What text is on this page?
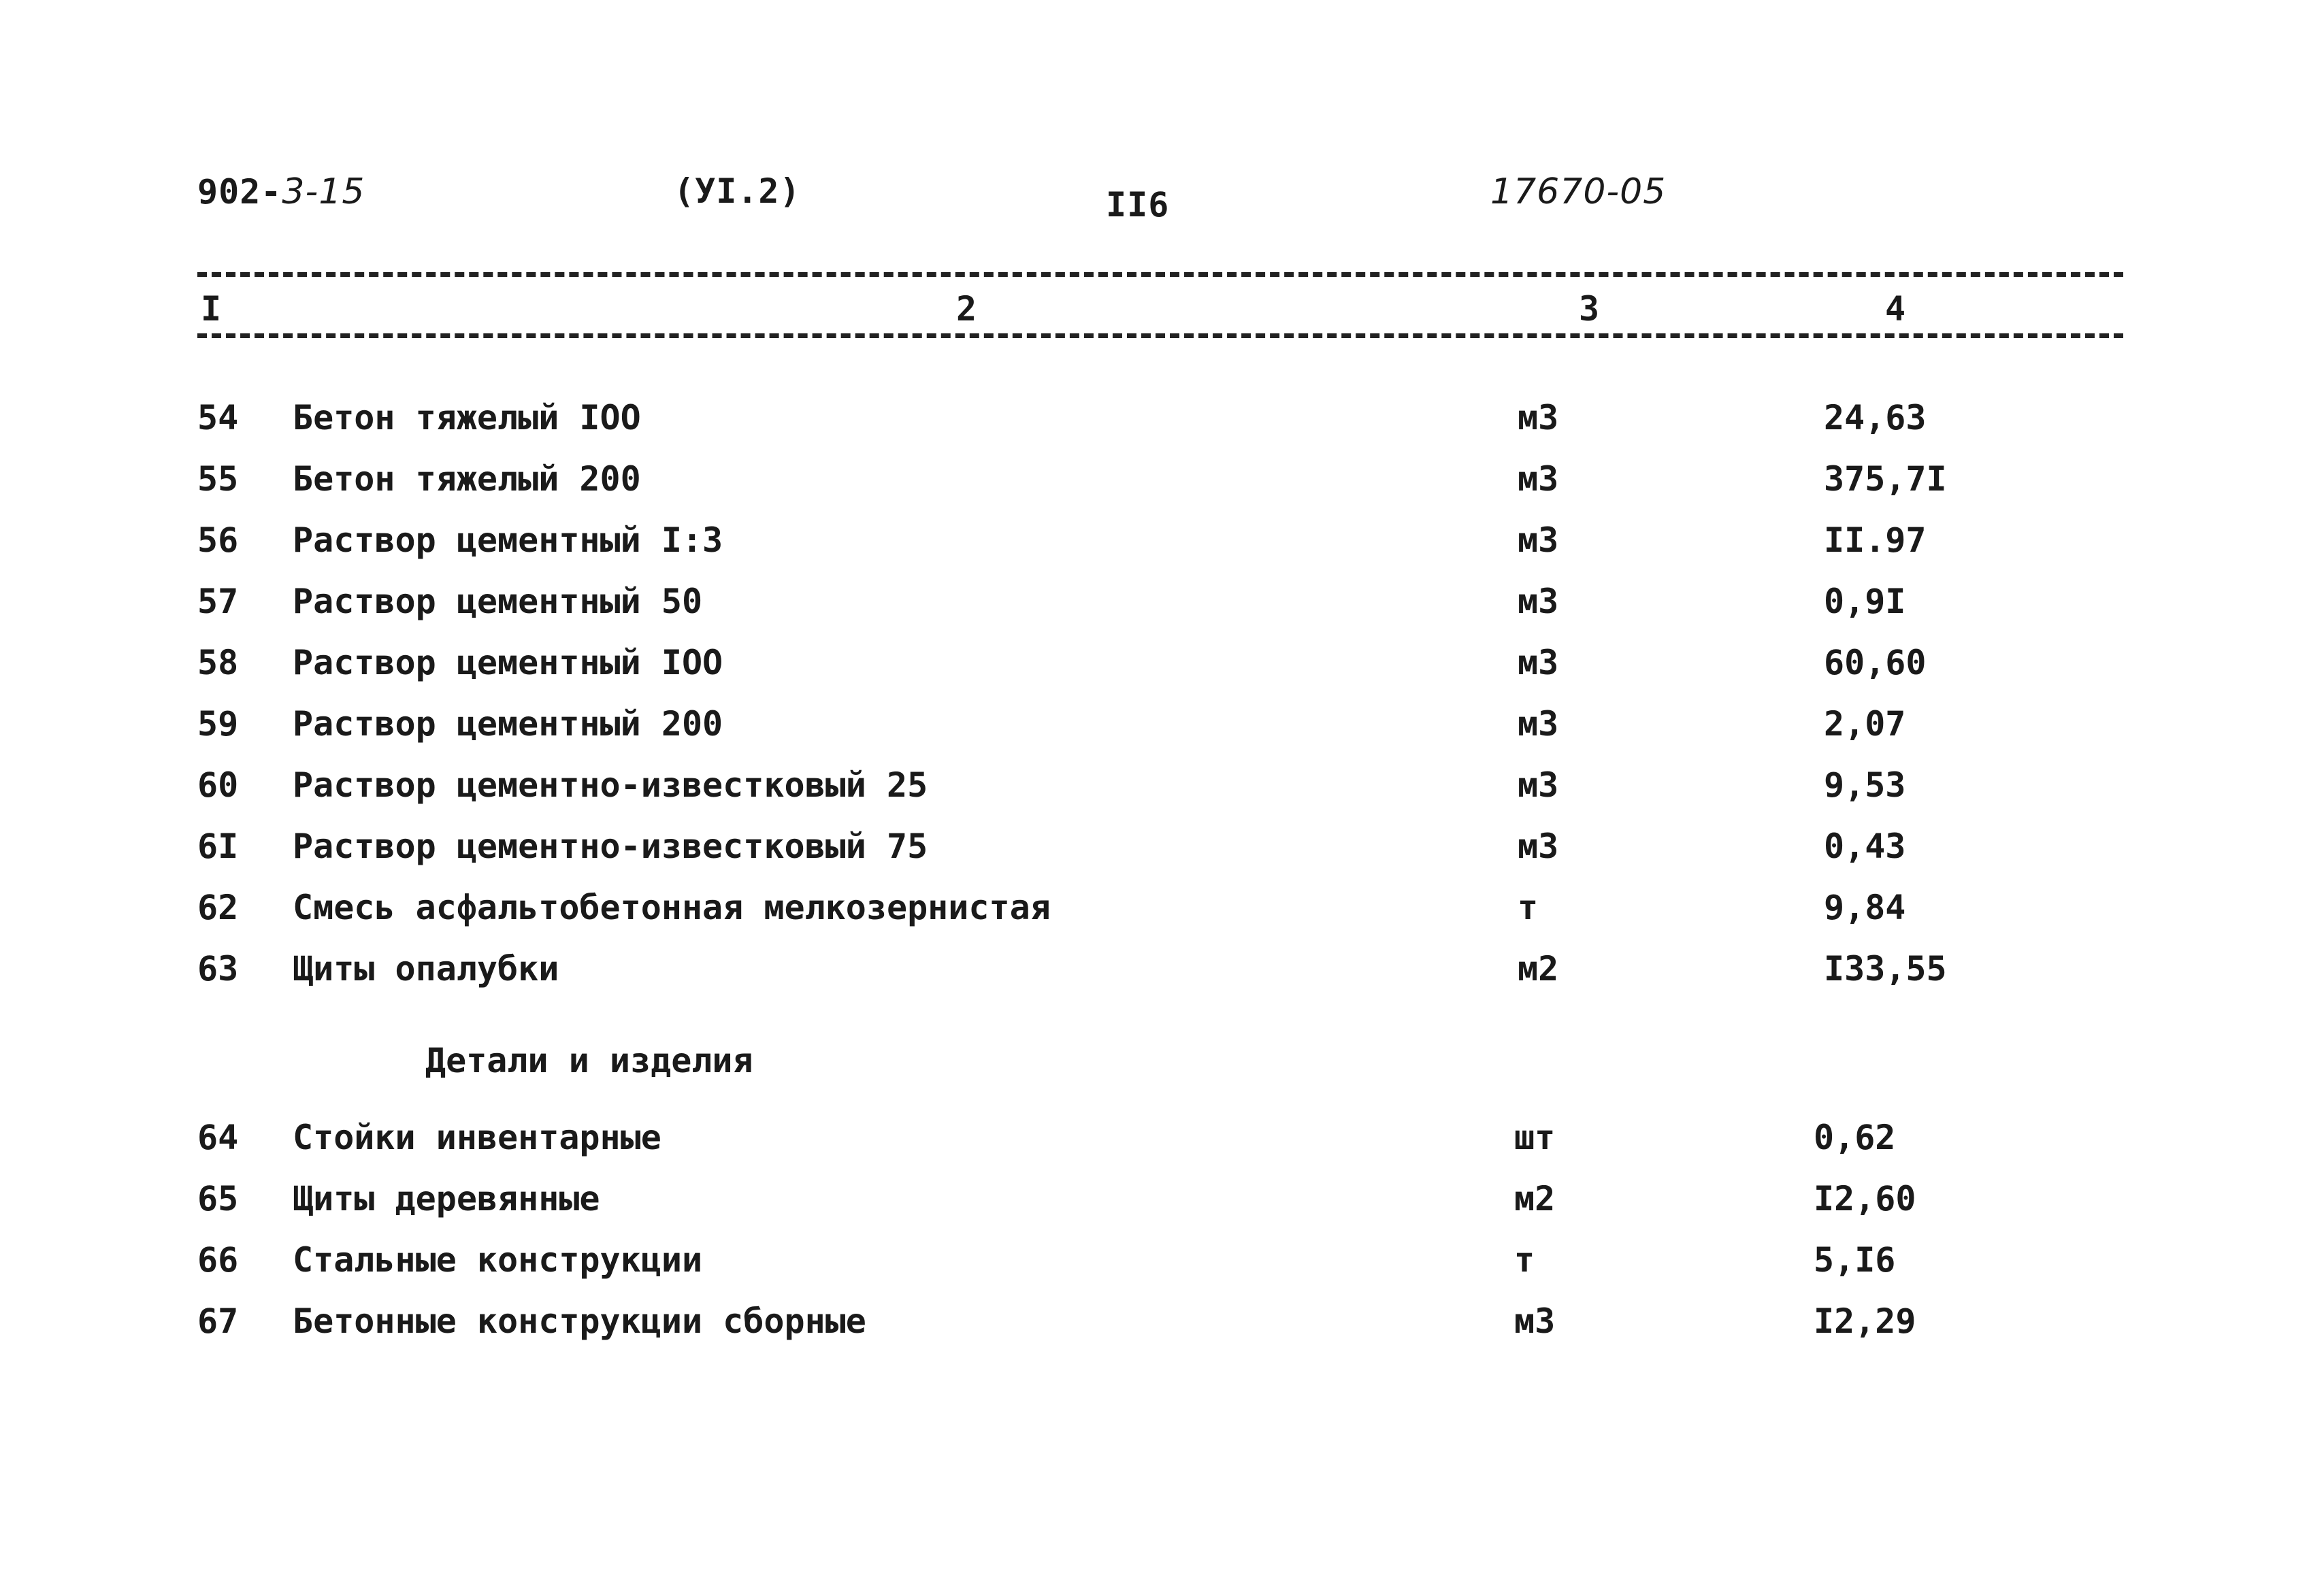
902-3-15	(УI.2)	II6	17670-05
I	2	3	4
54 Бетон тяжелый IOO	м3	24,63
55 Бетон тяжелый 200	м3	375,7I
56 Раствор цементный I:3	м3	II.97
57 Раствор цементный 50	м3	0,9I
58 Раствор цементный IOO	м3	60,60
59 Раствор цементный 200	м3	2,07
60 Раствор цементно-известковый 25	м3	9,53
6I Раствор цементно-известковый 75	м3	0,43
62 Смесь асфальтобетонная мелкозернистая	т	9,84
63 Щиты опалубки	м2	I33,55
Детали и изделия
64 Стойки инвентарные	шт	0,62
65 Щиты деревянные	м2	I2,60
66 Стальные конструкции	т	5,I6
67 Бетонные конструкции сборные	м3	I2,29
